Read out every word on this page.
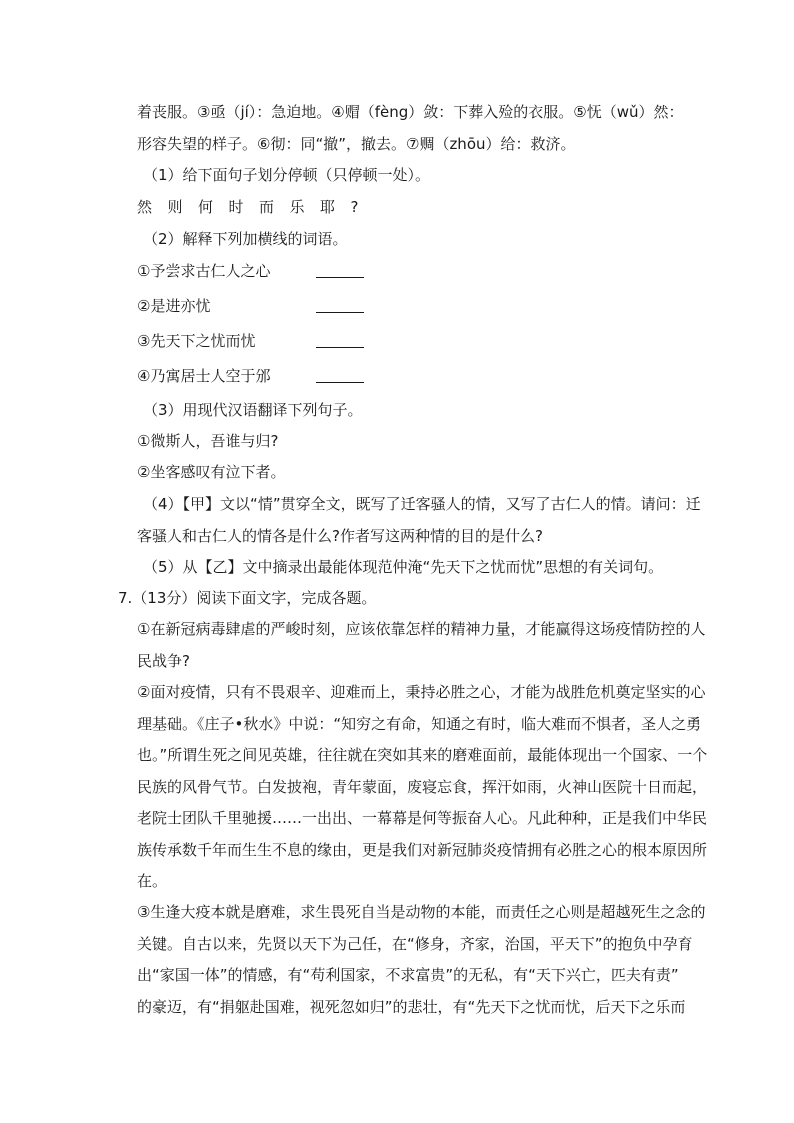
着丧服。③亟（jí）：急迫地。④赗（fèng）敛：下葬入殓的衣服。⑤怃（wǔ）然：
形容失望的样子。⑥彻：同“撤”，撤去。⑦赒（zhōu）给：救济。
（1）给下面句子划分停顿（只停顿一处）。
然则何时而乐耶?
（2）解释下列加横线的词语。
①予尝求古仁人之心
②是进亦忧
③先天下之忧而忧
④乃寓居士人空于邠
（3）用现代汉语翻译下列句子。
①微斯人，吾谁与归?
②坐客感叹有泣下者。
（4）【甲】文以“情”贯穿全文，既写了迁客骚人的情，又写了古仁人的情。请问：迁
客骚人和古仁人的情各是什么?作者写这两种情的目的是什么?
（5）从【乙】文中摘录出最能体现范仲淹“先天下之忧而忧”思想的有关词句。
7.（13分）阅读下面文字，完成各题。
①在新冠病毒肆虐的严峻时刻，应该依靠怎样的精神力量，才能赢得这场疫情防控的人
民战争?
②面对疫情，只有不畏艰辛、迎难而上，秉持必胜之心，才能为战胜危机奠定坚实的心
理基础。《庄子•秋水》中说：“知穷之有命，知通之有时，临大难而不惧者，圣人之勇
也。”所谓生死之间见英雄，往往就在突如其来的磨难面前，最能体现出一个国家、一个
民族的风骨气节。白发披袍，青年蒙面，废寝忘食，挥汗如雨，火神山医院十日而起，
老院士团队千里驰援……一出出、一幕幕是何等振奋人心。凡此种种，正是我们中华民
族传承数千年而生生不息的缘由，更是我们对新冠肺炎疫情拥有必胜之心的根本原因所
在。
③生逢大疫本就是磨难，求生畏死自当是动物的本能，而责任之心则是超越死生之念的
关键。自古以来，先贤以天下为己任，在“修身，齐家，治国，平天下”的抱负中孕育
出“家国一体”的情感，有“苟利国家，不求富贵”的无私，有“天下兴亡，匹夫有责”
的豪迈，有“捐躯赴国难，视死忽如归”的悲壮，有“先天下之忧而忧，后天下之乐而
